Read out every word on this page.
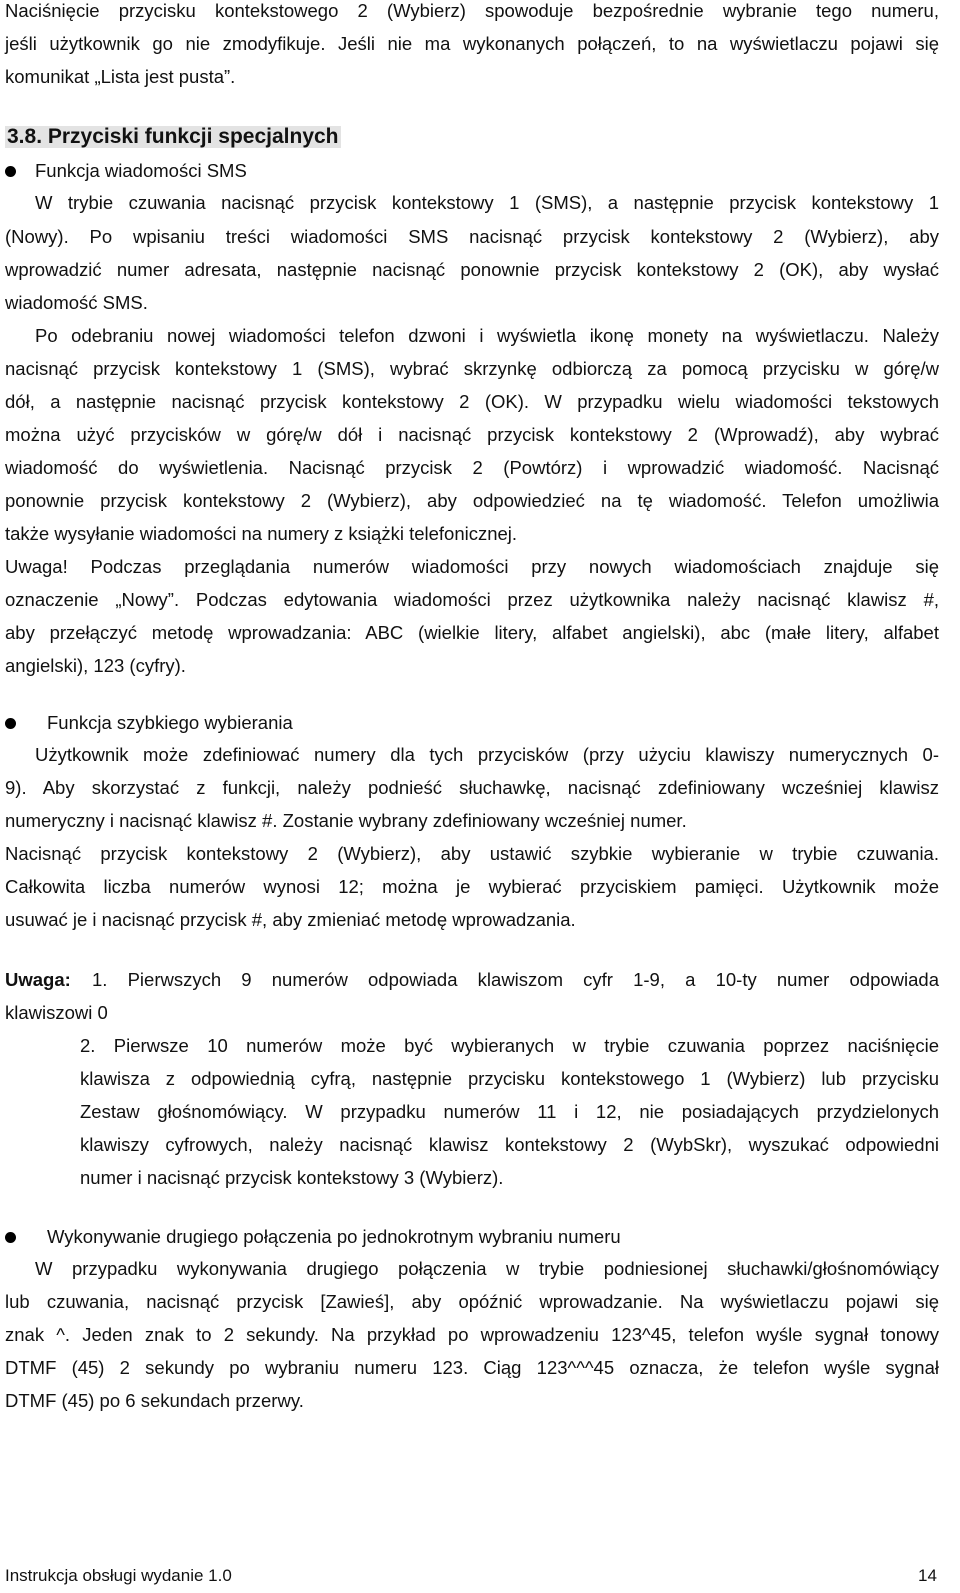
Naciśnięcie przycisku kontekstowego 2 (Wybierz) spowoduje bezpośrednie wybranie tego numeru,
jeśli użytkownik go nie zmodyfikuje. Jeśli nie ma wykonanych połączeń, to na wyświetlaczu pojawi się
komunikat „Lista jest pusta”.
3.8. Przyciski funkcji specjalnych
Funkcja wiadomości SMS
W trybie czuwania nacisnąć przycisk kontekstowy 1 (SMS), a następnie przycisk kontekstowy 1
(Nowy). Po wpisaniu treści wiadomości SMS nacisnąć przycisk kontekstowy 2 (Wybierz), aby
wprowadzić numer adresata, następnie nacisnąć ponownie przycisk kontekstowy 2 (OK), aby wysłać
wiadomość SMS.
Po odebraniu nowej wiadomości telefon dzwoni i wyświetla ikonę monety na wyświetlaczu. Należy
nacisnąć przycisk kontekstowy 1 (SMS), wybrać skrzynkę odbiorczą za pomocą przycisku w górę/w
dół, a następnie nacisnąć przycisk kontekstowy 2 (OK). W przypadku wielu wiadomości tekstowych
można użyć przycisków w górę/w dół i nacisnąć przycisk kontekstowy 2 (Wprowadź), aby wybrać
wiadomość do wyświetlenia. Nacisnąć przycisk 2 (Powtórz) i wprowadzić wiadomość. Nacisnąć
ponownie przycisk kontekstowy 2 (Wybierz), aby odpowiedzieć na tę wiadomość. Telefon umożliwia
także wysyłanie wiadomości na numery z książki telefonicznej.
Uwaga! Podczas przeglądania numerów wiadomości przy nowych wiadomościach znajduje się
oznaczenie „Nowy”. Podczas edytowania wiadomości przez użytkownika należy nacisnąć klawisz #,
aby przełączyć metodę wprowadzania: ABC (wielkie litery, alfabet angielski), abc (małe litery, alfabet
angielski), 123 (cyfry).
Funkcja szybkiego wybierania
Użytkownik może zdefiniować numery dla tych przycisków (przy użyciu klawiszy numerycznych 0-
9). Aby skorzystać z funkcji, należy podnieść słuchawkę, nacisnąć zdefiniowany wcześniej klawisz
numeryczny i nacisnąć klawisz #. Zostanie wybrany zdefiniowany wcześniej numer.
Nacisnąć przycisk kontekstowy 2 (Wybierz), aby ustawić szybkie wybieranie w trybie czuwania.
Całkowita liczba numerów wynosi 12; można je wybierać przyciskiem pamięci. Użytkownik może
usuwać je i nacisnąć przycisk #, aby zmieniać metodę wprowadzania.
Uwaga: 1. Pierwszych 9 numerów odpowiada klawiszom cyfr 1-9, a 10-ty numer odpowiada
klawiszowi 0
2. Pierwsze 10 numerów może być wybieranych w trybie czuwania poprzez naciśnięcie
klawisza z odpowiednią cyfrą, następnie przycisku kontekstowego 1 (Wybierz) lub przycisku
Zestaw głośnomówiący. W przypadku numerów 11 i 12, nie posiadających przydzielonych
klawiszy cyfrowych, należy nacisnąć klawisz kontekstowy 2 (WybSkr), wyszukać odpowiedni
numer i nacisnąć przycisk kontekstowy 3 (Wybierz).
Wykonywanie drugiego połączenia po jednokrotnym wybraniu numeru
W przypadku wykonywania drugiego połączenia w trybie podniesionej słuchawki/głośnomówiący
lub czuwania, nacisnąć przycisk [Zawieś], aby opóźnić wprowadzanie. Na wyświetlaczu pojawi się
znak ^. Jeden znak to 2 sekundy. Na przykład po wprowadzeniu 123^45, telefon wyśle sygnał tonowy
DTMF (45) 2 sekundy po wybraniu numeru 123. Ciąg 123^^^45 oznacza, że telefon wyśle sygnał
DTMF (45) po 6 sekundach przerwy.
Instrukcja obsługi wydanie 1.0	14
